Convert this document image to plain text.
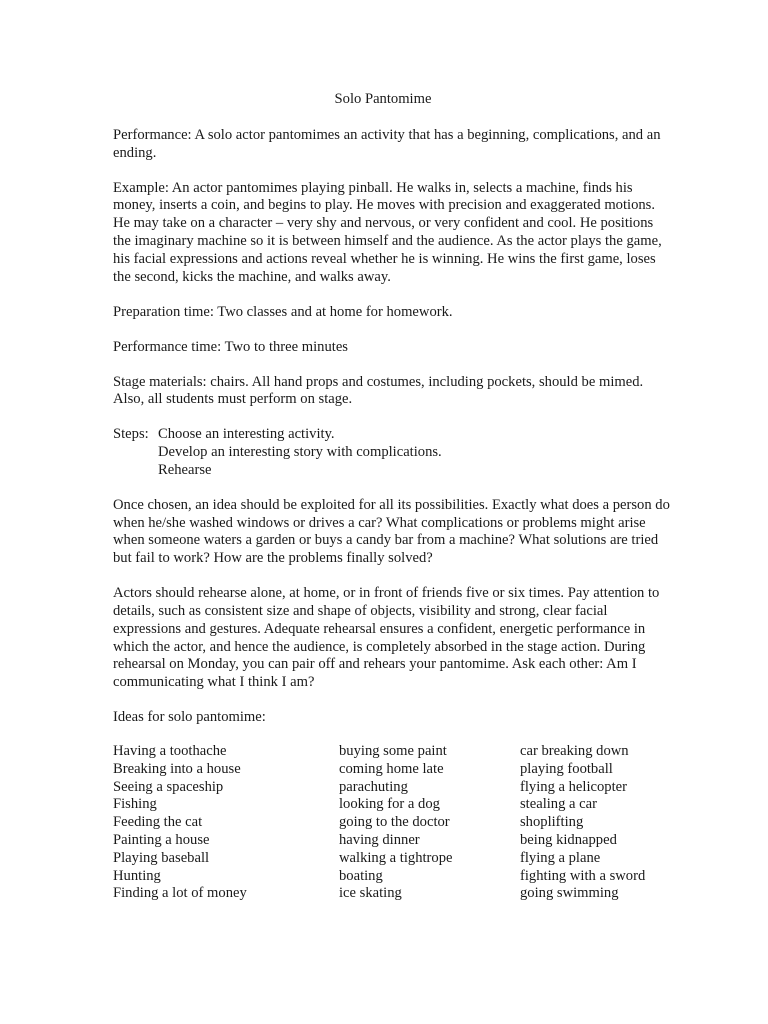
Solo Pantomime

Performance: A solo actor pantomimes an activity that has a beginning, complications, and an ending.

Example: An actor pantomimes playing pinball. He walks in, selects a machine, finds his money, inserts a coin, and begins to play. He moves with precision and exaggerated motions. He may take on a character – very shy and nervous, or very confident and cool. He positions the imaginary machine so it is between himself and the audience. As the actor plays the game, his facial expressions and actions reveal whether he is winning. He wins the first game, loses the second, kicks the machine, and walks away.

Preparation time: Two classes and at home for homework.

Performance time: Two to three minutes

Stage materials: chairs. All hand props and costumes, including pockets, should be mimed. Also, all students must perform on stage.

Steps: Choose an interesting activity.
Develop an interesting story with complications.
Rehearse

Once chosen, an idea should be exploited for all its possibilities. Exactly what does a person do when he/she washed windows or drives a car? What complications or problems might arise when someone waters a garden or buys a candy bar from a machine? What solutions are tried but fail to work? How are the problems finally solved?

Actors should rehearse alone, at home, or in front of friends five or six times. Pay attention to details, such as consistent size and shape of objects, visibility and strong, clear facial expressions and gestures. Adequate rehearsal ensures a confident, energetic performance in which the actor, and hence the audience, is completely absorbed in the stage action. During rehearsal on Monday, you can pair off and rehears your pantomime. Ask each other: Am I communicating what I think I am?

Ideas for solo pantomime:
Having a toothache
Breaking into a house
Seeing a spaceship
Fishing
Feeding the cat
Painting a house
Playing baseball
Hunting
Finding a lot of money
buying some paint
coming home late
parachuting
looking for a dog
going to the doctor
having dinner
walking a tightrope
boating
ice skating
car breaking down
playing football
flying a helicopter
stealing a car
shoplifting
being kidnapped
flying a plane
fighting with a sword
going swimming
